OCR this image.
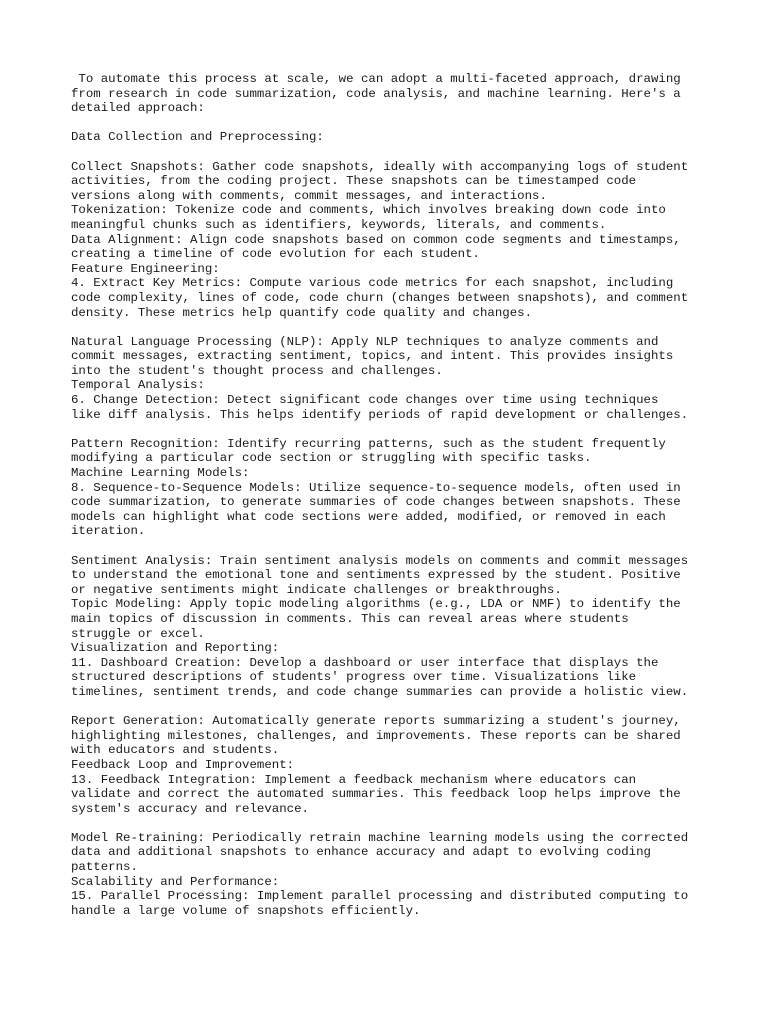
To automate this process at scale, we can adopt a multi-faceted approach, drawing
from research in code summarization, code analysis, and machine learning. Here's a
detailed approach:
Data Collection and Preprocessing:
Collect Snapshots: Gather code snapshots, ideally with accompanying logs of student
activities, from the coding project. These snapshots can be timestamped code
versions along with comments, commit messages, and interactions.
Tokenization: Tokenize code and comments, which involves breaking down code into
meaningful chunks such as identifiers, keywords, literals, and comments.
Data Alignment: Align code snapshots based on common code segments and timestamps,
creating a timeline of code evolution for each student.
Feature Engineering:
4. Extract Key Metrics: Compute various code metrics for each snapshot, including
code complexity, lines of code, code churn (changes between snapshots), and comment
density. These metrics help quantify code quality and changes.
Natural Language Processing (NLP): Apply NLP techniques to analyze comments and
commit messages, extracting sentiment, topics, and intent. This provides insights
into the student's thought process and challenges.
Temporal Analysis:
6. Change Detection: Detect significant code changes over time using techniques
like diff analysis. This helps identify periods of rapid development or challenges.
Pattern Recognition: Identify recurring patterns, such as the student frequently
modifying a particular code section or struggling with specific tasks.
Machine Learning Models:
8. Sequence-to-Sequence Models: Utilize sequence-to-sequence models, often used in
code summarization, to generate summaries of code changes between snapshots. These
models can highlight what code sections were added, modified, or removed in each
iteration.
Sentiment Analysis: Train sentiment analysis models on comments and commit messages
to understand the emotional tone and sentiments expressed by the student. Positive
or negative sentiments might indicate challenges or breakthroughs.
Topic Modeling: Apply topic modeling algorithms (e.g., LDA or NMF) to identify the
main topics of discussion in comments. This can reveal areas where students
struggle or excel.
Visualization and Reporting:
11. Dashboard Creation: Develop a dashboard or user interface that displays the
structured descriptions of students' progress over time. Visualizations like
timelines, sentiment trends, and code change summaries can provide a holistic view.
Report Generation: Automatically generate reports summarizing a student's journey,
highlighting milestones, challenges, and improvements. These reports can be shared
with educators and students.
Feedback Loop and Improvement:
13. Feedback Integration: Implement a feedback mechanism where educators can
validate and correct the automated summaries. This feedback loop helps improve the
system's accuracy and relevance.
Model Re-training: Periodically retrain machine learning models using the corrected
data and additional snapshots to enhance accuracy and adapt to evolving coding
patterns.
Scalability and Performance:
15. Parallel Processing: Implement parallel processing and distributed computing to
handle a large volume of snapshots efficiently.
